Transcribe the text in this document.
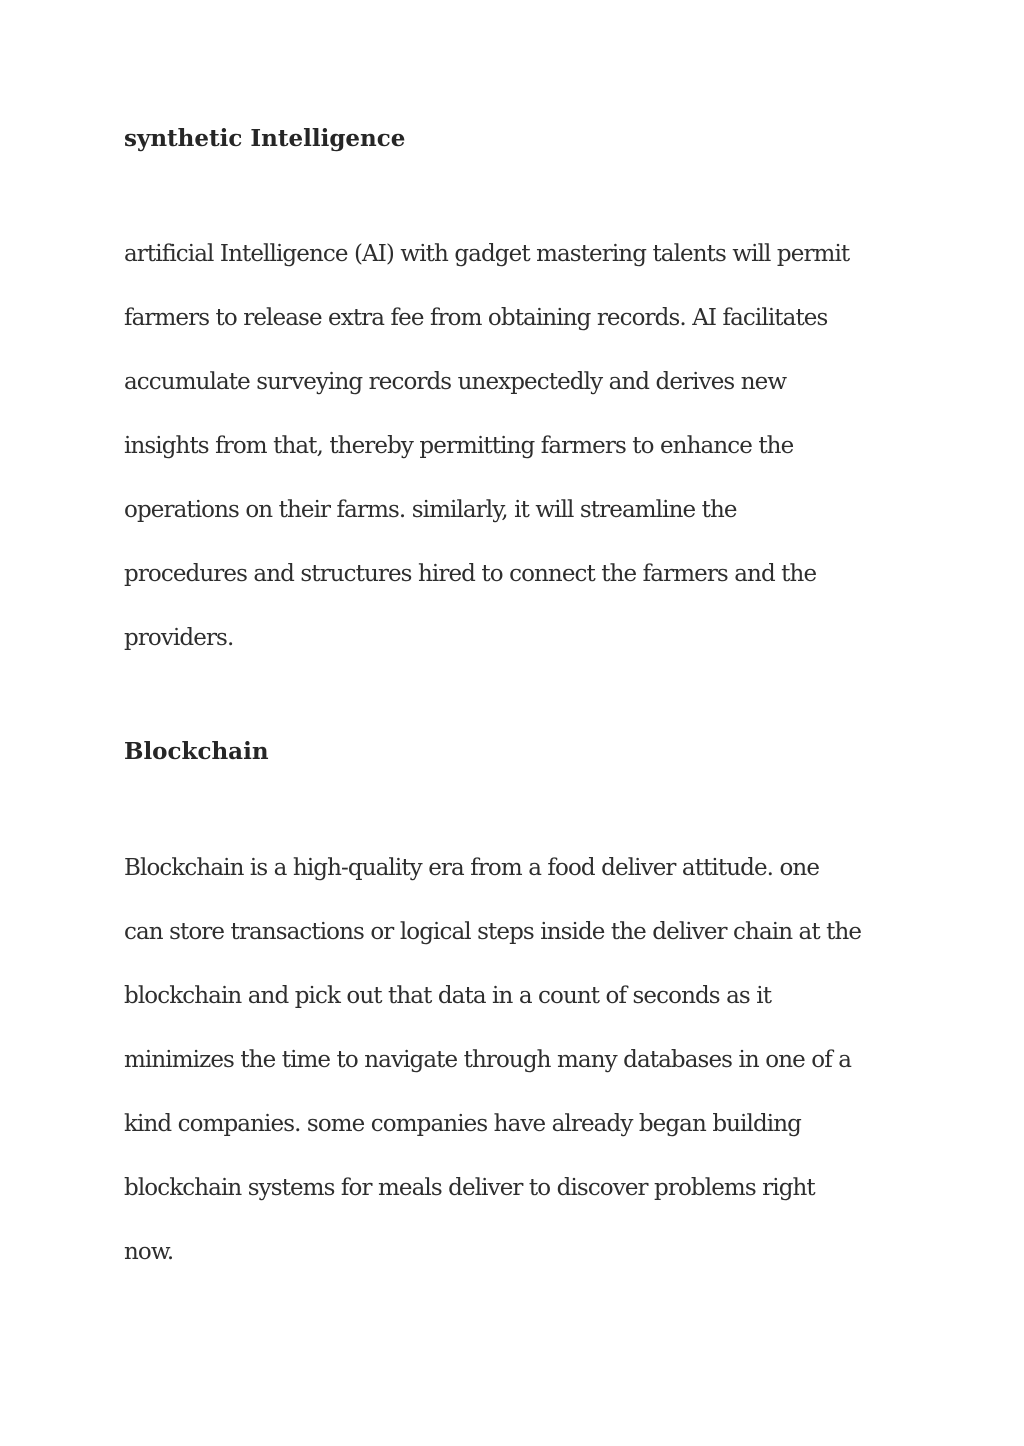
synthetic Intelligence
artificial Intelligence (AI) with gadget mastering talents will permit
farmers to release extra fee from obtaining records. AI facilitates
accumulate surveying records unexpectedly and derives new
insights from that, thereby permitting farmers to enhance the
operations on their farms. similarly, it will streamline the
procedures and structures hired to connect the farmers and the
providers.
Blockchain
Blockchain is a high-quality era from a food deliver attitude. one
can store transactions or logical steps inside the deliver chain at the
blockchain and pick out that data in a count of seconds as it
minimizes the time to navigate through many databases in one of a
kind companies. some companies have already began building
blockchain systems for meals deliver to discover problems right
now.
